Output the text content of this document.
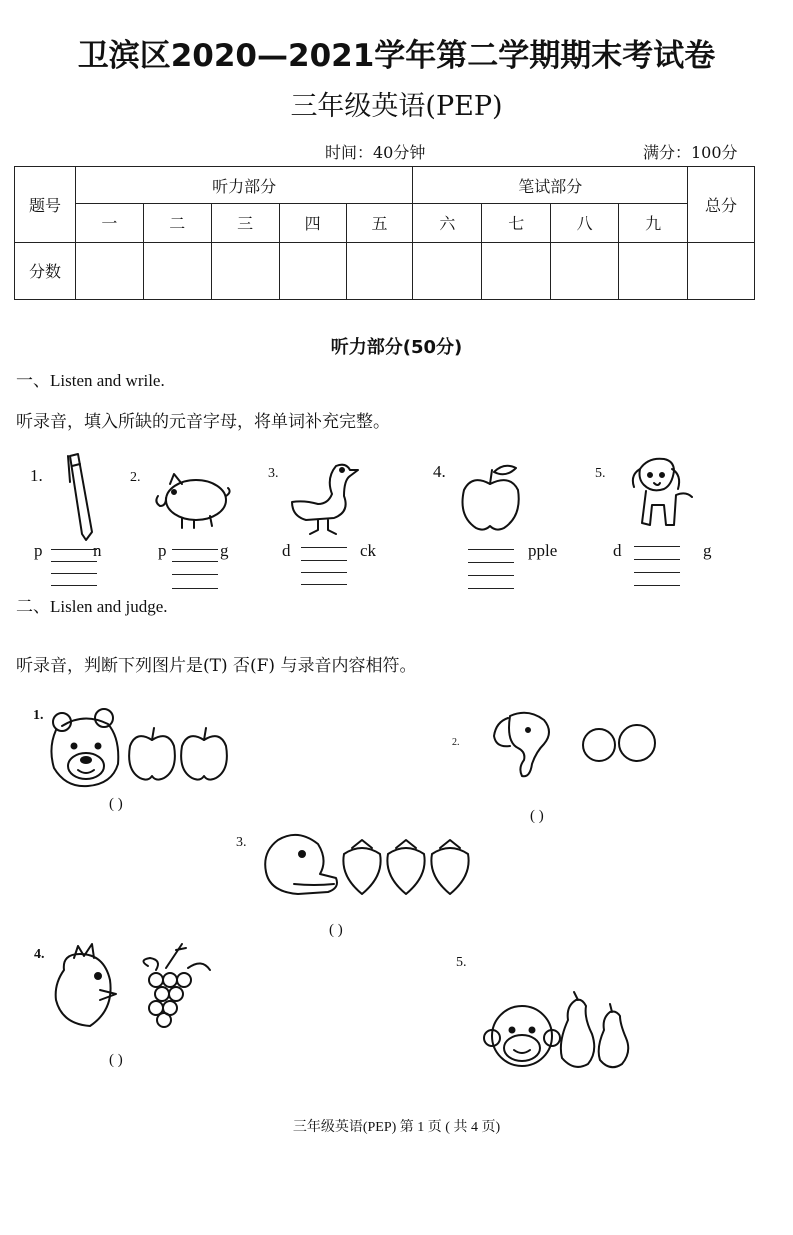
卫滨区2020—2021学年第二学期期末考试卷
三年级英语(PEP)
时间：40分钟	满分：100分
题号	听力部分					笔试部分				总分
	一	二	三	四	五	六	七	八	九	
分数										
听力部分(50分)
一、Listen and wrile.
听录音，填入所缺的元音字母，将单词补充完整。
1.
p	n
2.
p	g
3.
d	ck
4.
pple
5.
d	g
二、Lislen and judge.
听录音，判断下列图片是(T) 否(F) 与录音内容相符。
1.
( )
2.
( )
3.
( )
4.
( )
5.
三年级英语(PEP) 第 1 页 ( 共 4 页)
